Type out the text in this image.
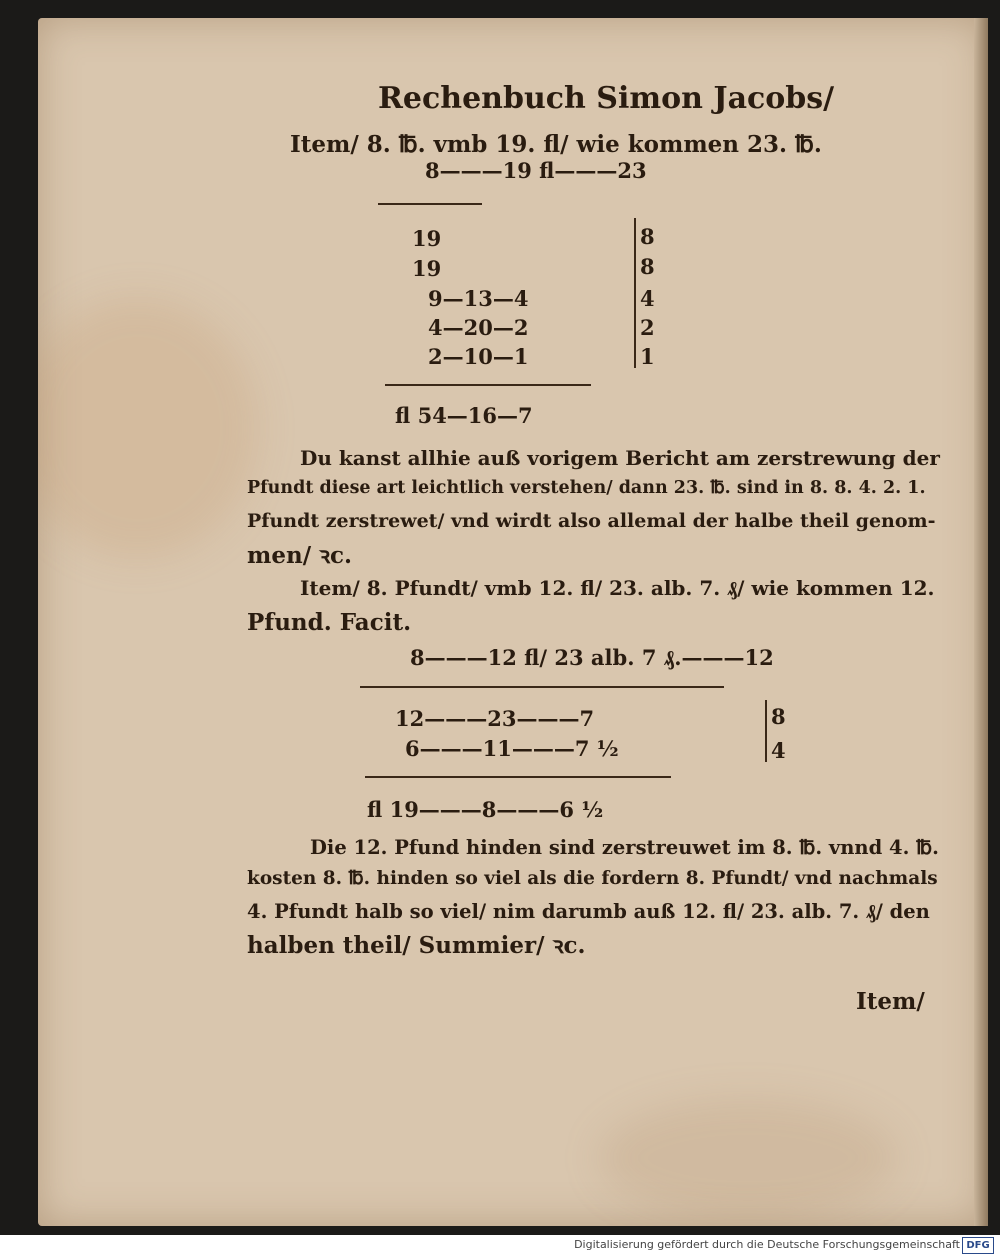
Rechenbuch Simon Jacobs/
Item/ 8. ℔. vmb 19. fl/ wie kommen 23. ℔.
8———19 fl———23
19
19
9—13—4
4—20—2
2—10—1
8
8
4
2
1
fl 54—16—7
Du kanst allhie auß vorigem Bericht am zerstrewung der
Pfundt diese art leichtlich verstehen/ dann 23. ℔. sind in 8. 8. 4. 2. 1.
Pfundt zerstrewet/ vnd wirdt also allemal der halbe theil genom-
men/ ꝛc.
Item/ 8. Pfundt/ vmb 12. fl/ 23. alb. 7. ₰/ wie kommen 12.
Pfund. Facit.
8———12 fl/ 23 alb. 7 ₰.———12
12———23———7
6———11———7 ½
8
4
fl 19———8———6 ½
Die 12. Pfund hinden sind zerstreuwet im 8. ℔. vnnd 4. ℔.
kosten 8. ℔. hinden so viel als die fordern 8. Pfundt/ vnd nachmals
4. Pfundt halb so viel/ nim darumb auß 12. fl/ 23. alb. 7. ₰/ den
halben theil/ Summier/ ꝛc.
Item/
Digitalisierung gefördert durch die Deutsche Forschungsgemeinschaft DFG
